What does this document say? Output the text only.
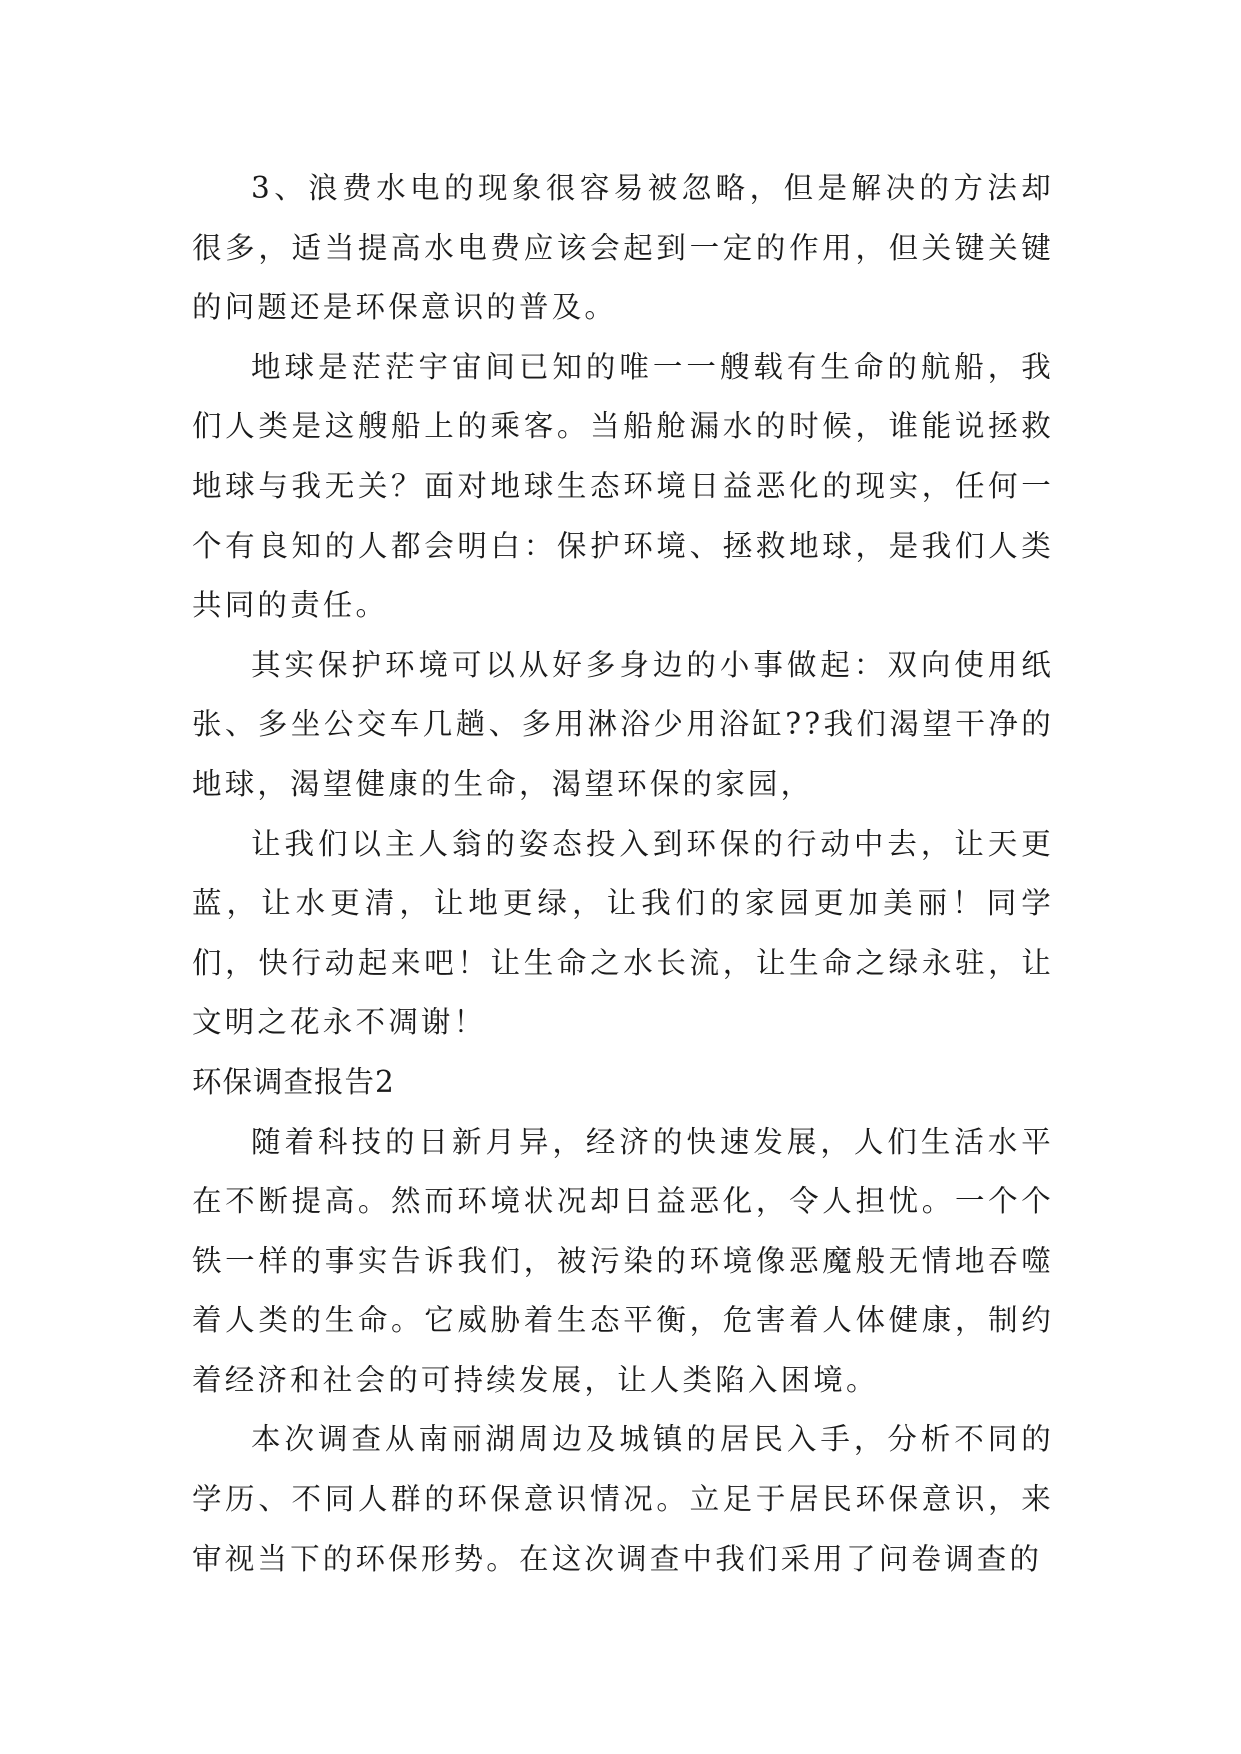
3、浪费水电的现象很容易被忽略，但是解决的方法却很多，适当提高水电费应该会起到一定的作用，但关键关键的问题还是环保意识的普及。

地球是茫茫宇宙间已知的唯一一艘载有生命的航船，我们人类是这艘船上的乘客。当船舱漏水的时候，谁能说拯救地球与我无关？面对地球生态环境日益恶化的现实，任何一个有良知的人都会明白：保护环境、拯救地球，是我们人类共同的责任。

其实保护环境可以从好多身边的小事做起：双向使用纸张、多坐公交车几趟、多用淋浴少用浴缸??我们渴望干净的地球，渴望健康的生命，渴望环保的家园，

让我们以主人翁的姿态投入到环保的行动中去，让天更蓝，让水更清，让地更绿，让我们的家园更加美丽！同学们，快行动起来吧！让生命之水长流，让生命之绿永驻，让文明之花永不凋谢！

环保调查报告2

随着科技的日新月异，经济的快速发展，人们生活水平在不断提高。然而环境状况却日益恶化，令人担忧。一个个铁一样的事实告诉我们，被污染的环境像恶魔般无情地吞噬着人类的生命。它威胁着生态平衡，危害着人体健康，制约着经济和社会的可持续发展，让人类陷入困境。

本次调查从南丽湖周边及城镇的居民入手，分析不同的学历、不同人群的环保意识情况。立足于居民环保意识，来审视当下的环保形势。在这次调查中我们采用了问卷调查的
